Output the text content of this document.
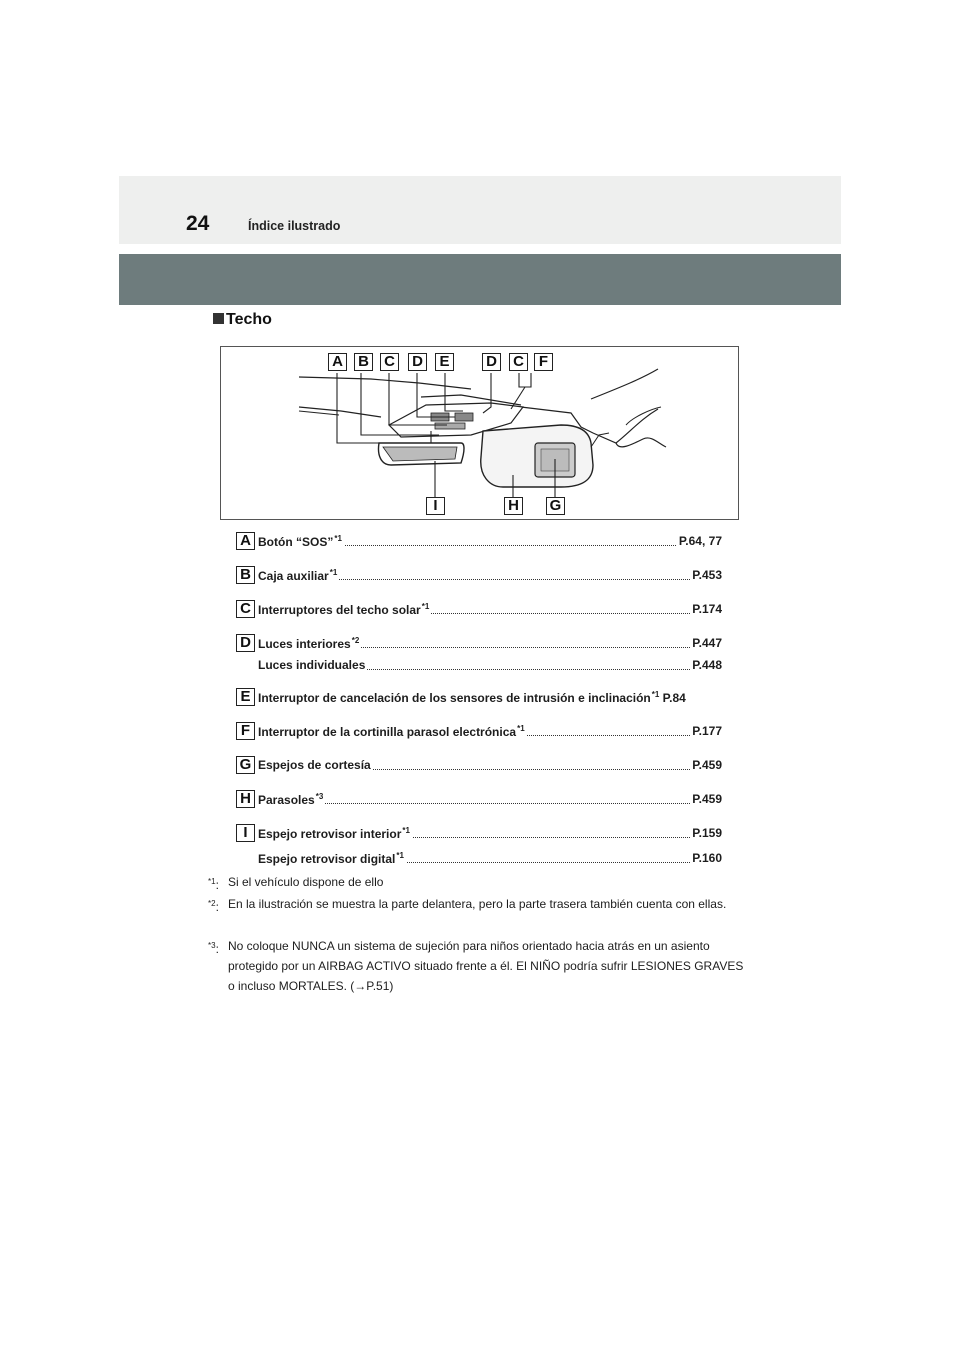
24	Índice ilustrado
Techo
A B C D E	D C F
I	H G
A Botón “SOS”$^{*1}$	P.64, 77
B Caja auxiliar$^{*1}$	P.453
C Interruptores del techo solar$^{*1}$	P.174
D Luces interiores$^{*2}$	P.447
Luces individuales	P.448
E Interruptor de cancelación de los sensores de intrusión e inclinación$^{*1}$ P.84
F Interruptor de la cortinilla parasol electrónica$^{*1}$	P.177
G Espejos de cortesía	P.459
H Parasoles$^{*3}$	P.459
I Espejo retrovisor interior$^{*1}$	P.159
Espejo retrovisor digital$^{*1}$	P.160
$^{*1}$: Si el vehículo dispone de ello
$^{*2}$: En la ilustración se muestra la parte delantera, pero la parte trasera también cuenta con ellas.
$^{*3}$: No coloque NUNCA un sistema de sujeción para niños orientado hacia atrás en un asiento protegido por un AIRBAG ACTIVO situado frente a él. El NIÑO podría sufrir LESIONES GRAVES o incluso MORTALES. (→P.51)
